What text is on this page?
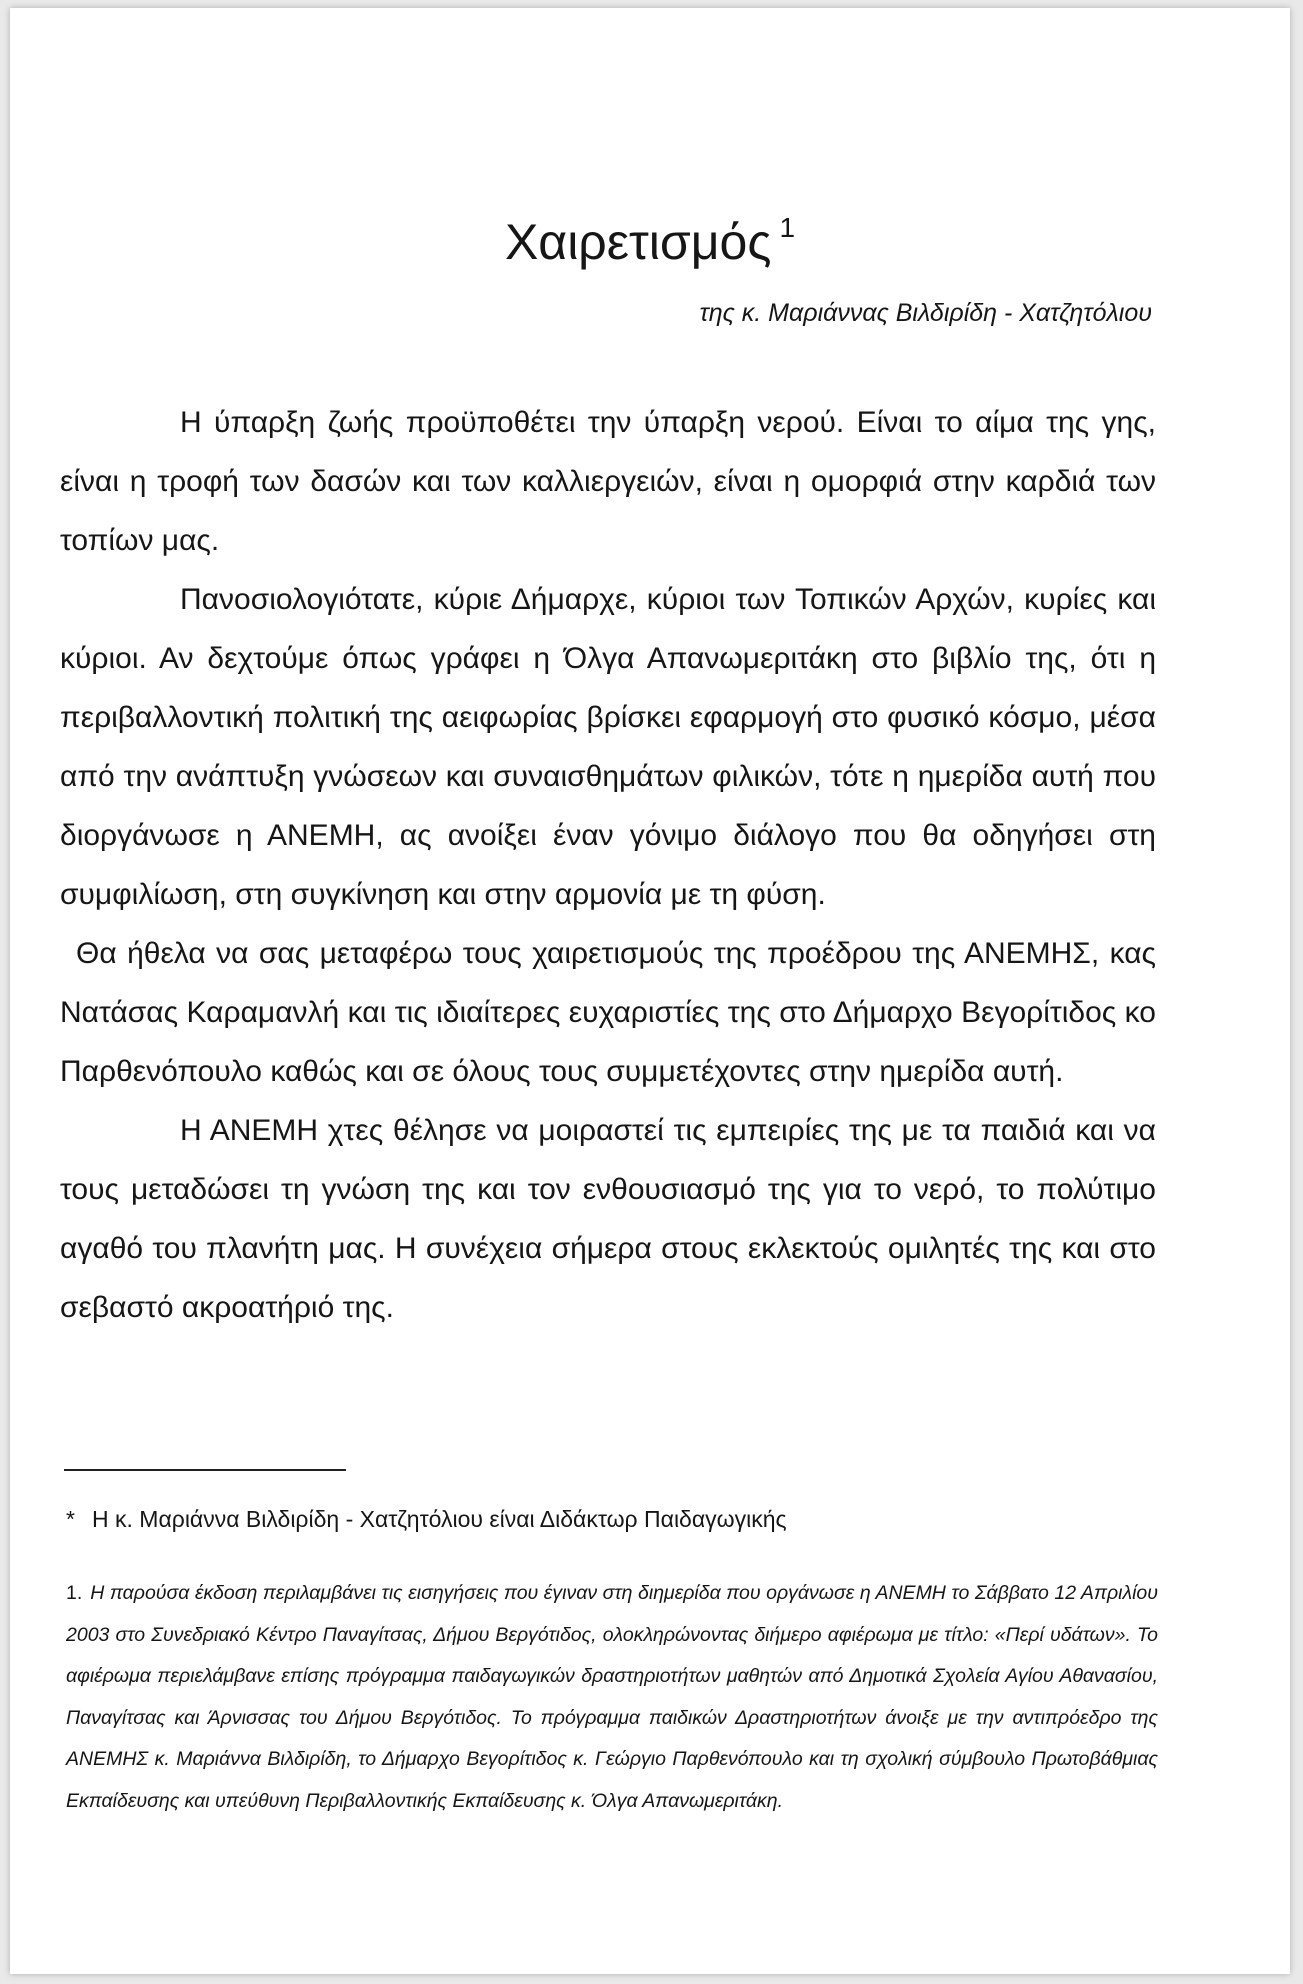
Χαιρετισμός $^1$
της κ. Μαριάννας Βιλδιρίδη - Χατζητόλιου

Η ύπαρξη ζωής προϋποθέτει την ύπαρξη νερού. Είναι το αίμα της γης, είναι η τροφή των δασών και των καλλιεργειών, είναι η ομορφιά στην καρδιά των τοπίων μας.

Πανοσιολογιότατε, κύριε Δήμαρχε, κύριοι των Τοπικών Αρχών, κυρίες και κύριοι. Αν δεχτούμε όπως γράφει η Όλγα Απανωμεριτάκη στο βιβλίο της, ότι η περιβαλλοντική πολιτική της αειφωρίας βρίσκει εφαρμογή στο φυσικό κόσμο, μέσα από την ανάπτυξη γνώσεων και συναισθημάτων φιλικών, τότε η ημερίδα αυτή που διοργάνωσε η ΑΝΕΜΗ, ας ανοίξει έναν γόνιμο διάλογο που θα οδηγήσει στη συμφιλίωση, στη συγκίνηση και στην αρμονία με τη φύση.

Θα ήθελα να σας μεταφέρω τους χαιρετισμούς της προέδρου της ΑΝΕΜΗΣ, κας Νατάσας Καραμανλή και τις ιδιαίτερες ευχαριστίες της στο Δήμαρχο Βεγορίτιδος κο Παρθενόπουλο καθώς και σε όλους τους συμμετέχοντες στην ημερίδα αυτή.

Η ΑΝΕΜΗ χτες θέλησε να μοιραστεί τις εμπειρίες της με τα παιδιά και να τους μεταδώσει τη γνώση της και τον ενθουσιασμό της για το νερό, το πολύτιμο αγαθό του πλανήτη μας. Η συνέχεια σήμερα στους εκλεκτούς ομιλητές της και στο σεβαστό ακροατήριό της.

* Η κ. Μαριάννα Βιλδιρίδη - Χατζητόλιου είναι Διδάκτωρ Παιδαγωγικής
1. Η παρούσα έκδοση περιλαμβάνει τις εισηγήσεις που έγιναν στη διημερίδα που οργάνωσε η ΑΝΕΜΗ το Σάββατο 12 Απριλίου 2003 στο Συνεδριακό Κέντρο Παναγίτσας, Δήμου Βεργότιδος, ολοκληρώνοντας διήμερο αφιέρωμα με τίτλο: «Περί υδάτων». Το αφιέρωμα περιελάμβανε επίσης πρόγραμμα παιδαγωγικών δραστηριοτήτων μαθητών από Δημοτικά Σχολεία Αγίου Αθανασίου, Παναγίτσας και Άρνισσας του Δήμου Βεργότιδος. Το πρόγραμμα παιδικών Δραστηριοτήτων άνοιξε με την αντιπρόεδρο της ΑΝΕΜΗΣ κ. Μαριάννα Βιλδιρίδη, το Δήμαρχο Βεγορίτιδος κ. Γεώργιο Παρθενόπουλο και τη σχολική σύμβουλο Πρωτοβάθμιας Εκπαίδευσης και υπεύθυνη Περιβαλλοντικής Εκπαίδευσης κ. Όλγα Απανωμεριτάκη.
